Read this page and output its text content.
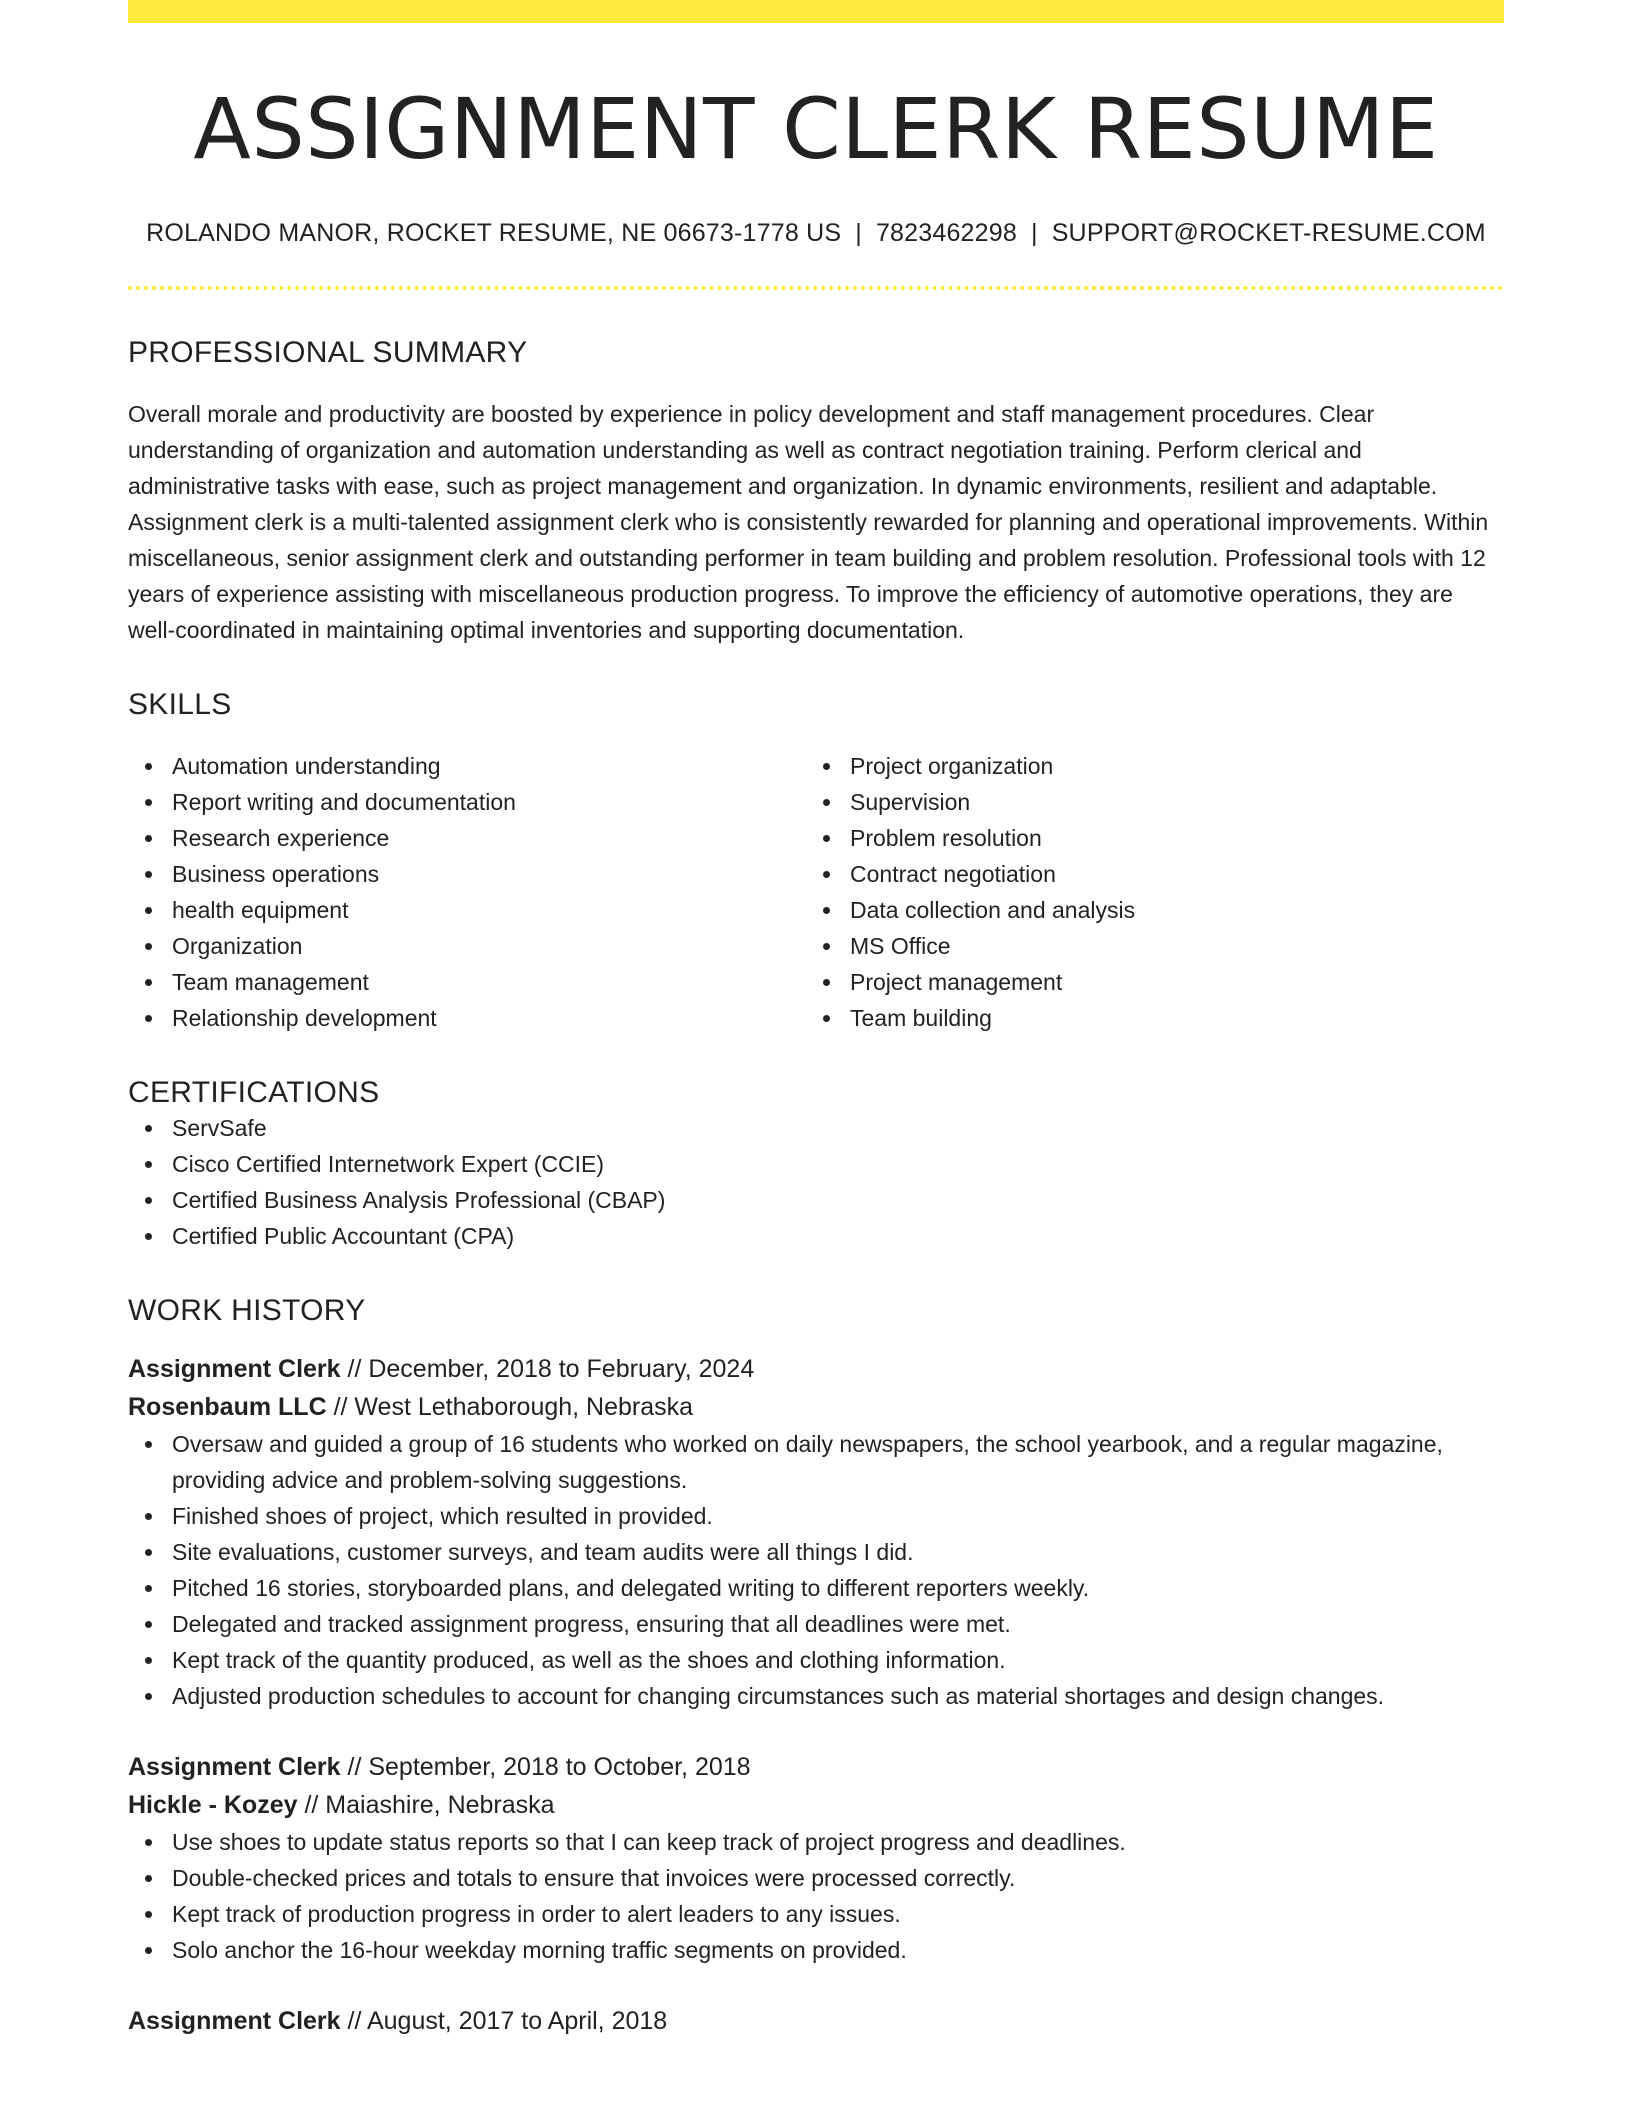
ASSIGNMENT CLERK RESUME
ROLANDO MANOR, ROCKET RESUME, NE 06673-1778 US | 7823462298 | SUPPORT@ROCKET-RESUME.COM
PROFESSIONAL SUMMARY

Overall morale and productivity are boosted by experience in policy development and staff management procedures. Clear understanding of organization and automation understanding as well as contract negotiation training. Perform clerical and administrative tasks with ease, such as project management and organization. In dynamic environments, resilient and adaptable. Assignment clerk is a multi-talented assignment clerk who is consistently rewarded for planning and operational improvements. Within miscellaneous, senior assignment clerk and outstanding performer in team building and problem resolution. Professional tools with 12 years of experience assisting with miscellaneous production progress. To improve the efficiency of automotive operations, they are well-coordinated in maintaining optimal inventories and supporting documentation.

SKILLS
Automation understanding
Report writing and documentation
Research experience
Business operations
health equipment
Organization
Team management
Relationship development
Project organization
Supervision
Problem resolution
Contract negotiation
Data collection and analysis
MS Office
Project management
Team building
CERTIFICATIONS
ServSafe
Cisco Certified Internetwork Expert (CCIE)
Certified Business Analysis Professional (CBAP)
Certified Public Accountant (CPA)
WORK HISTORY
Assignment Clerk // December, 2018 to February, 2024
Rosenbaum LLC // West Lethaborough, Nebraska
Oversaw and guided a group of 16 students who worked on daily newspapers, the school yearbook, and a regular magazine, providing advice and problem-solving suggestions.
Finished shoes of project, which resulted in provided.
Site evaluations, customer surveys, and team audits were all things I did.
Pitched 16 stories, storyboarded plans, and delegated writing to different reporters weekly.
Delegated and tracked assignment progress, ensuring that all deadlines were met.
Kept track of the quantity produced, as well as the shoes and clothing information.
Adjusted production schedules to account for changing circumstances such as material shortages and design changes.
Assignment Clerk // September, 2018 to October, 2018
Hickle - Kozey // Maiashire, Nebraska
Use shoes to update status reports so that I can keep track of project progress and deadlines.
Double-checked prices and totals to ensure that invoices were processed correctly.
Kept track of production progress in order to alert leaders to any issues.
Solo anchor the 16-hour weekday morning traffic segments on provided.
Assignment Clerk // August, 2017 to April, 2018
